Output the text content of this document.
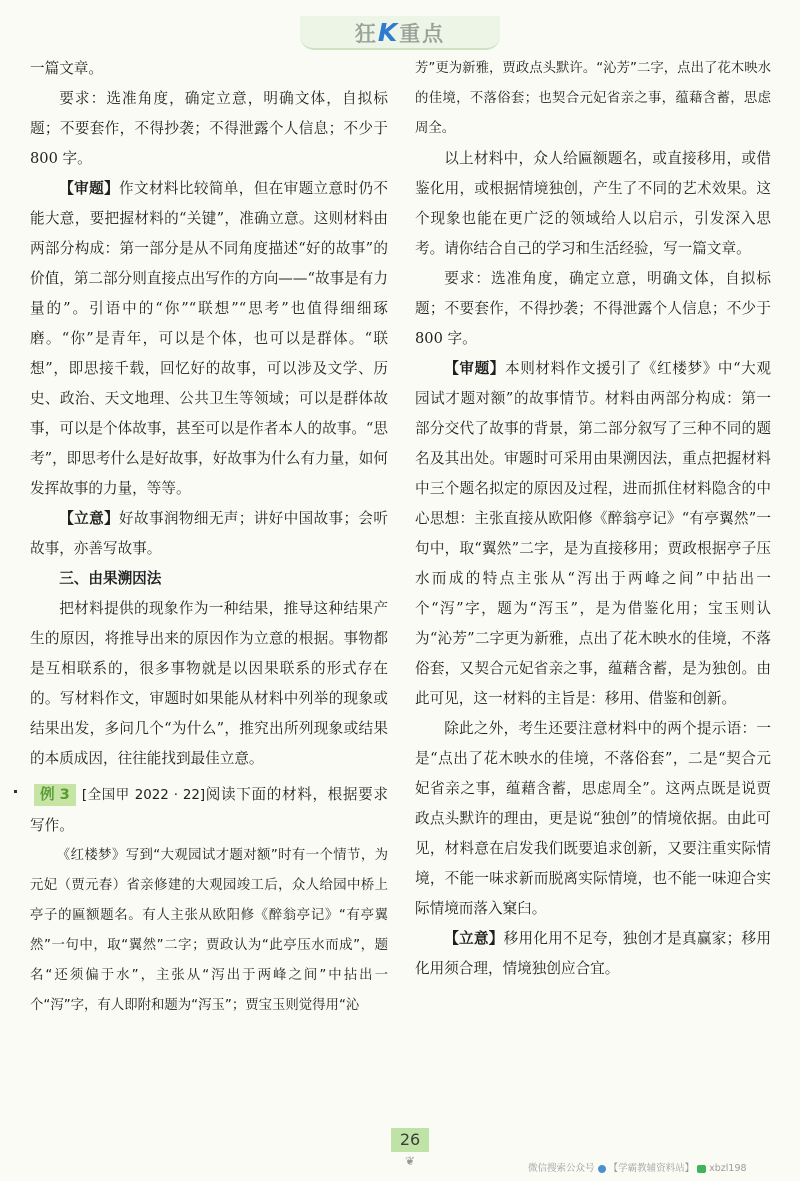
狂K重点

一篇文章。

要求：选准角度，确定立意，明确文体，自拟标题；不要套作，不得抄袭；不得泄露个人信息；不少于 800 字。

【审题】作文材料比较简单，但在审题立意时仍不能大意，要把握材料的“关键”，准确立意。这则材料由两部分构成：第一部分是从不同角度描述“好的故事”的价值，第二部分则直接点出写作的方向——“故事是有力量的”。引语中的“你”“联想”“思考”也值得细细琢磨。“你”是青年，可以是个体，也可以是群体。“联想”，即思接千载，回忆好的故事，可以涉及文学、历史、政治、天文地理、公共卫生等领域；可以是群体故事，可以是个体故事，甚至可以是作者本人的故事。“思考”，即思考什么是好故事，好故事为什么有力量，如何发挥故事的力量，等等。

【立意】好故事润物细无声；讲好中国故事；会听故事，亦善写故事。

三、由果溯因法

把材料提供的现象作为一种结果，推导这种结果产生的原因，将推导出来的原因作为立意的根据。事物都是互相联系的，很多事物就是以因果联系的形式存在的。写材料作文，审题时如果能从材料中列举的现象或结果出发，多问几个“为什么”，推究出所列现象或结果的本质成因，往往能找到最佳立意。

例 3 [全国甲 2022 · 22]阅读下面的材料，根据要求写作。

《红楼梦》写到“大观园试才题对额”时有一个情节，为元妃（贾元春）省亲修建的大观园竣工后，众人给园中桥上亭子的匾额题名。有人主张从欧阳修《醉翁亭记》“有亭翼然”一句中，取“翼然”二字；贾政认为“此亭压水而成”，题名“还须偏于水”，主张从“泻出于两峰之间”中拈出一个“泻”字，有人即附和题为“泻玉”；贾宝玉则觉得用“沁

芳”更为新雅，贾政点头默许。“沁芳”二字，点出了花木映水的佳境，不落俗套；也契合元妃省亲之事，蕴藉含蓄，思虑周全。

以上材料中，众人给匾额题名，或直接移用，或借鉴化用，或根据情境独创，产生了不同的艺术效果。这个现象也能在更广泛的领域给人以启示，引发深入思考。请你结合自己的学习和生活经验，写一篇文章。

要求：选准角度，确定立意，明确文体，自拟标题；不要套作，不得抄袭；不得泄露个人信息；不少于 800 字。

【审题】本则材料作文援引了《红楼梦》中“大观园试才题对额”的故事情节。材料由两部分构成：第一部分交代了故事的背景，第二部分叙写了三种不同的题名及其出处。审题时可采用由果溯因法，重点把握材料中三个题名拟定的原因及过程，进而抓住材料隐含的中心思想：主张直接从欧阳修《醉翁亭记》“有亭翼然”一句中，取“翼然”二字，是为直接移用；贾政根据亭子压水而成的特点主张从“泻出于两峰之间”中拈出一个“泻”字，题为“泻玉”，是为借鉴化用；宝玉则认为“沁芳”二字更为新雅，点出了花木映水的佳境，不落俗套，又契合元妃省亲之事，蕴藉含蓄，是为独创。由此可见，这一材料的主旨是：移用、借鉴和创新。

除此之外，考生还要注意材料中的两个提示语：一是“点出了花木映水的佳境，不落俗套”，二是“契合元妃省亲之事，蕴藉含蓄，思虑周全”。这两点既是说贾政点头默许的理由，更是说“独创”的情境依据。由此可见，材料意在启发我们既要追求创新，又要注重实际情境，不能一味求新而脱离实际情境，也不能一味迎合实际情境而落入窠臼。

【立意】移用化用不足夸，独创才是真赢家；移用化用须合理，情境独创应合宜。

26
❦
微信搜索公众号 【学霸教辅资料站】 xbzl198
